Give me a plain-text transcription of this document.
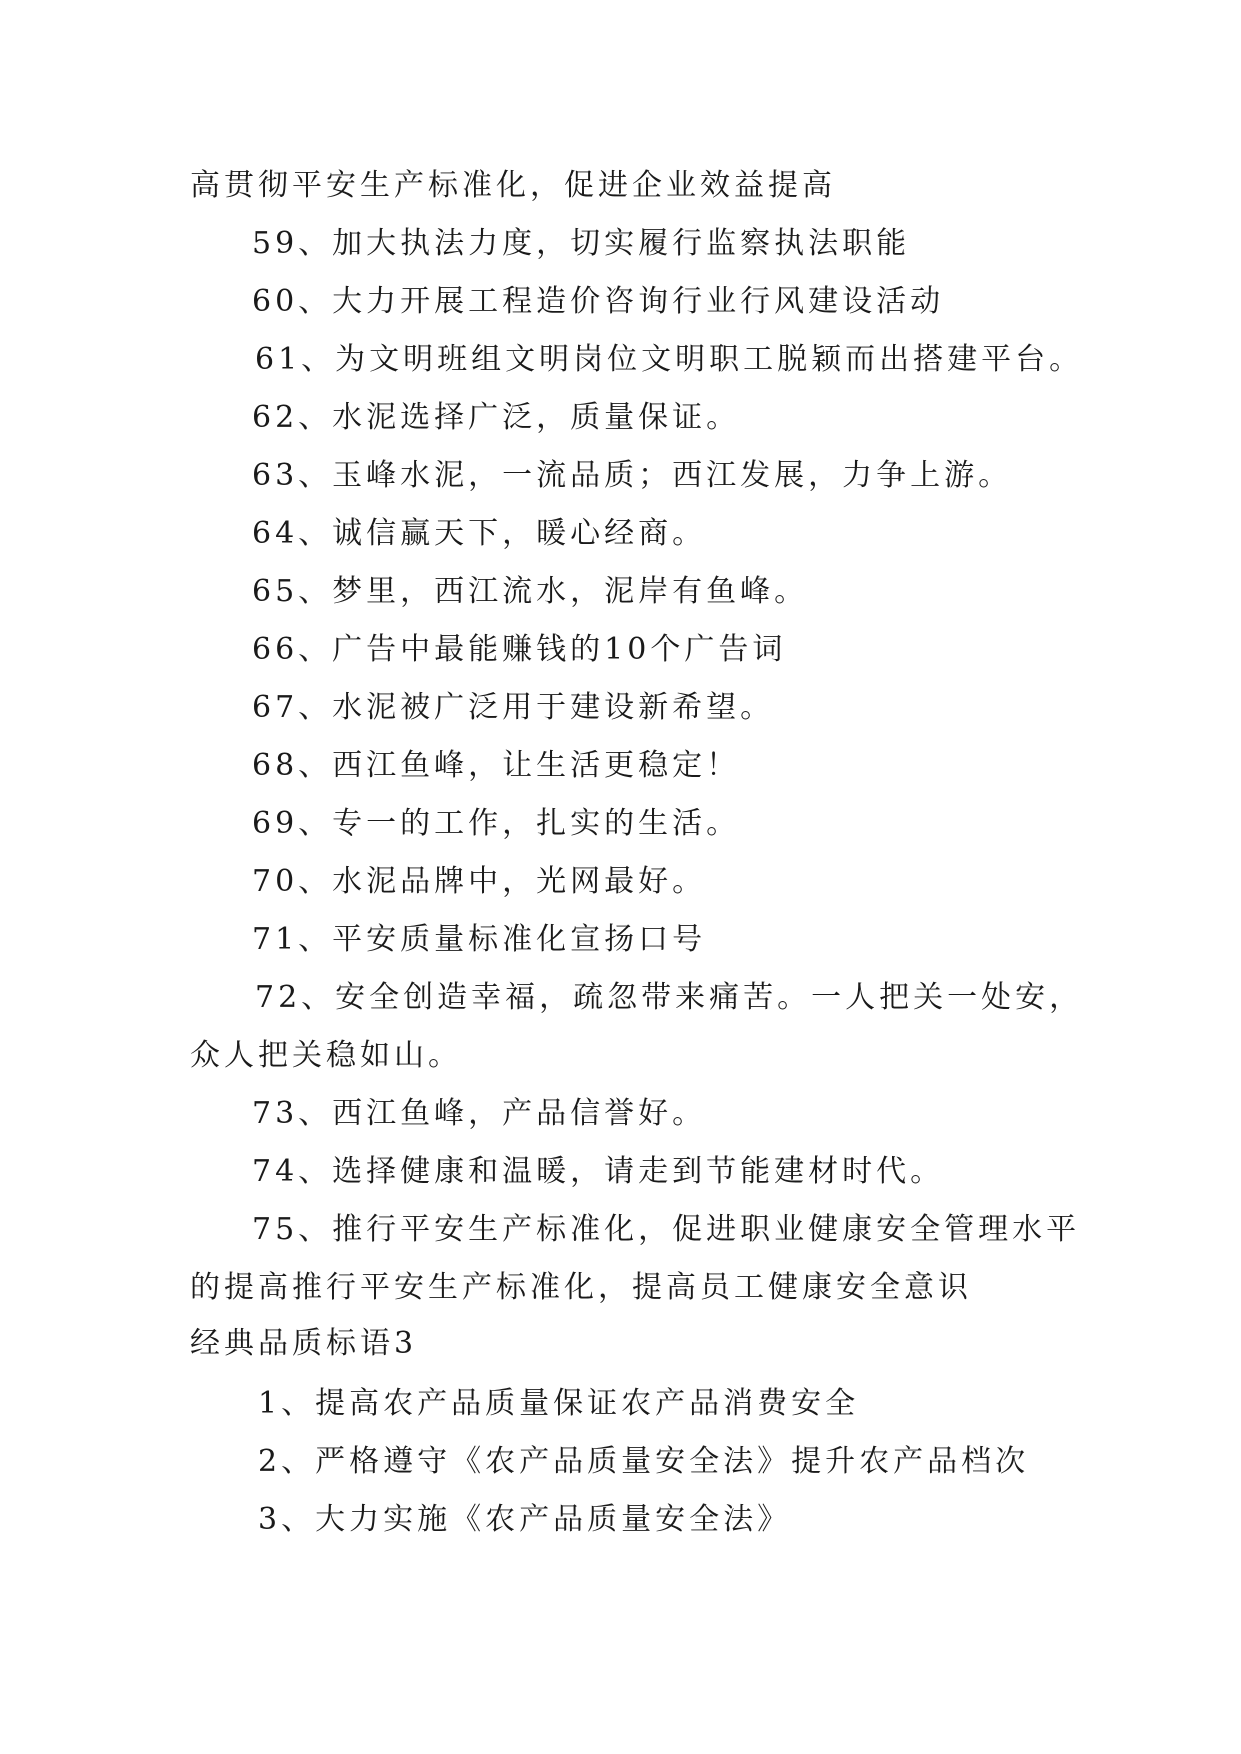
高贯彻平安生产标准化，促进企业效益提高
59、加大执法力度，切实履行监察执法职能
60、大力开展工程造价咨询行业行风建设活动
61、为文明班组文明岗位文明职工脱颖而出搭建平台。
62、水泥选择广泛，质量保证。
63、玉峰水泥，一流品质；西江发展，力争上游。
64、诚信赢天下，暖心经商。
65、梦里，西江流水，泥岸有鱼峰。
66、广告中最能赚钱的10个广告词
67、水泥被广泛用于建设新希望。
68、西江鱼峰，让生活更稳定！
69、专一的工作，扎实的生活。
70、水泥品牌中，光网最好。
71、平安质量标准化宣扬口号
72、安全创造幸福，疏忽带来痛苦。一人把关一处安，
众人把关稳如山。
73、西江鱼峰，产品信誉好。
74、选择健康和温暖，请走到节能建材时代。
75、推行平安生产标准化，促进职业健康安全管理水平
的提高推行平安生产标准化，提高员工健康安全意识
经典品质标语3
1、提高农产品质量保证农产品消费安全
2、严格遵守《农产品质量安全法》提升农产品档次
3、大力实施《农产品质量安全法》
